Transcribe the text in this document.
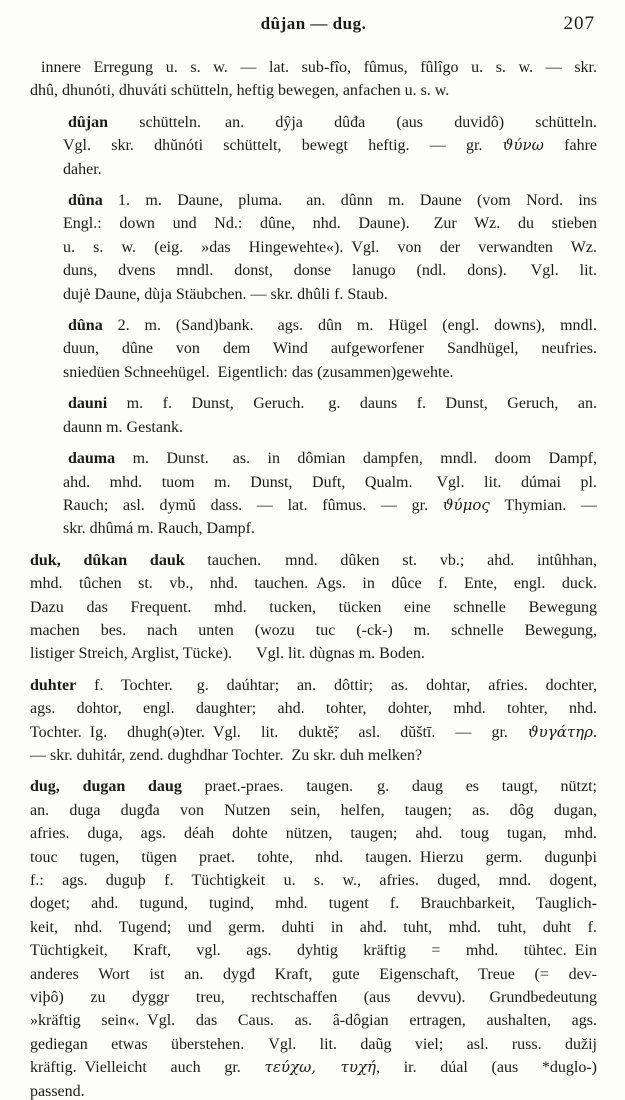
dûjan — dug.	207
innere Erregung u. s. w. — lat. sub-fîo, fûmus, fûlîgo u. s. w. — skr.
dhû, dhunóti, dhuváti schütteln, heftig bewegen, anfachen u. s. w.
dûjan schütteln.  an. dŷja dûđa (aus duvidô) schütteln.
Vgl. skr. dhŭnóti schüttelt, bewegt heftig. — gr. ϑύνω fahre
daher.
dûna 1. m. Daune, pluma.  an. dûnn m. Daune (vom Nord. ins
Engl.: down und Nd.: dûne, nhd. Daune).  Zur Wz. du stieben
u. s. w. (eig. »das Hingewehte«). Vgl. von der verwandten Wz.
duns, dvens mndl. donst, donse lanugo (ndl. dons).  Vgl. lit.
dujė Daune, dùja Stäubchen. — skr. dhûli f. Staub.
dûna 2. m. (Sand)bank.  ags. dûn m. Hügel (engl. downs), mndl.
duun, dûne von dem Wind aufgeworfener Sandhügel, neufries.
sniedüen Schneehügel. Eigentlich: das (zusammen)gewehte.
dauni m. f. Dunst, Geruch.  g. dauns f. Dunst, Geruch, an.
daunn m. Gestank.
dauma m. Dunst.  as. in dômian dampfen, mndl. doom Dampf,
ahd. mhd. tuom m. Dunst, Duft, Qualm.  Vgl. lit. dúmai pl.
Rauch; asl. dymŭ dass. — lat. fûmus. — gr. ϑύμος Thymian. —
skr. dhûmá m. Rauch, Dampf.
duk, dûkan dauk tauchen.  mnd. dûken st. vb.; ahd. intûhhan,
mhd. tûchen st. vb., nhd. tauchen. Ags. in dûce f. Ente, engl. duck.
Dazu das Frequent. mhd. tucken, tücken eine schnelle Bewegung
machen bes. nach unten (wozu tuc (-ck-) m. schnelle Bewegung,
listiger Streich, Arglist, Tücke).  Vgl. lit. dùgnas m. Boden.
duhter f. Tochter.  g. daúhtar; an. dôttir; as. dohtar, afries. dochter,
ags. dohtor, engl. daughter; ahd. tohter, dohter, mhd. tohter, nhd.
Tochter. Ig. dhugh(ə)ter. Vgl. lit. duktě̃; asl. dŭštī. — gr. ϑυγάτηρ.
— skr. duhitár, zend. dughdhar Tochter. Zu skr. duh melken?
dug, dugan daug praet.-praes. taugen.  g. daug es taugt, nützt;
an. duga dugđa von Nutzen sein, helfen, taugen; as. dôg dugan,
afries. duga, ags. déah dohte nützen, taugen; ahd. toug tugan, mhd.
touc tugen, tügen praet. tohte, nhd. taugen. Hierzu germ. dugunþi
f.: ags. duguþ f. Tüchtigkeit u. s. w., afries. duged, mnd. dogent,
doget; ahd. tugund, tugind, mhd. tugent f. Brauchbarkeit, Tauglich-
keit, nhd. Tugend; und germ. duhti in ahd. tuht, mhd. tuht, duht f.
Tüchtigkeit, Kraft, vgl. ags. dyhtig kräftig = mhd. tühtec. Ein
anderes Wort ist an. dygđ Kraft, gute Eigenschaft, Treue (= dev-
viþô) zu dyggr treu, rechtschaffen (aus devvu).  Grundbedeutung
»kräftig sein«. Vgl. das Caus. as. â-dôgian ertragen, aushalten, ags.
gediegan etwas überstehen.  Vgl. lit. daũg viel; asl. russ. dužij
kräftig. Vielleicht auch gr. τεύχω, τυχή, ir. dúal (aus *duglo-)
passend.
